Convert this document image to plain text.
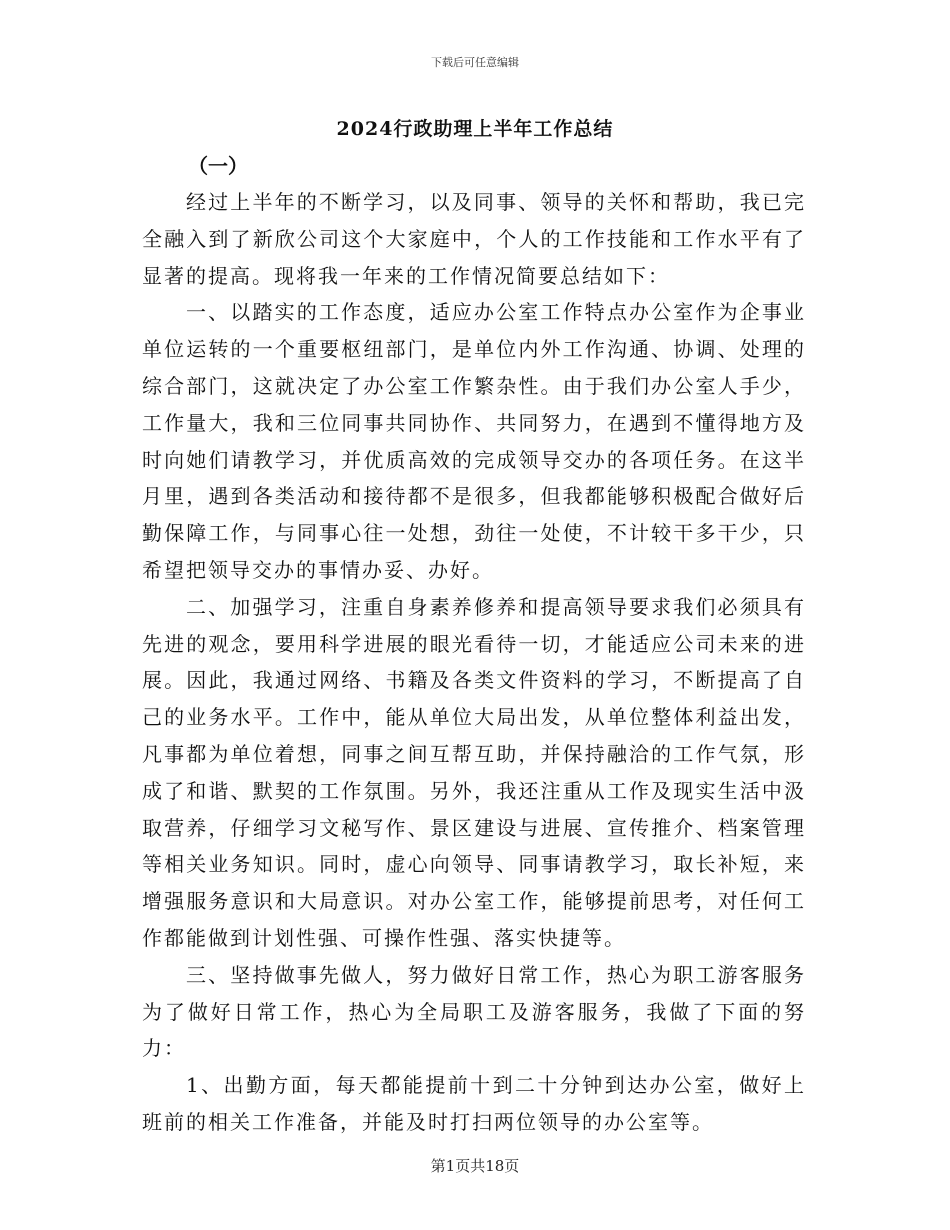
下载后可任意编辑
2024行政助理上半年工作总结
（一）

经过上半年的不断学习，以及同事、领导的关怀和帮助，我已完全融入到了新欣公司这个大家庭中，个人的工作技能和工作水平有了显著的提高。现将我一年来的工作情况简要总结如下：

一、以踏实的工作态度，适应办公室工作特点办公室作为企事业单位运转的一个重要枢纽部门，是单位内外工作沟通、协调、处理的综合部门，这就决定了办公室工作繁杂性。由于我们办公室人手少，工作量大，我和三位同事共同协作、共同努力，在遇到不懂得地方及时向她们请教学习，并优质高效的完成领导交办的各项任务。在这半月里，遇到各类活动和接待都不是很多，但我都能够积极配合做好后勤保障工作，与同事心往一处想，劲往一处使，不计较干多干少，只希望把领导交办的事情办妥、办好。

二、加强学习，注重自身素养修养和提高领导要求我们必须具有先进的观念，要用科学进展的眼光看待一切，才能适应公司未来的进展。因此，我通过网络、书籍及各类文件资料的学习，不断提高了自己的业务水平。工作中，能从单位大局出发，从单位整体利益出发，凡事都为单位着想，同事之间互帮互助，并保持融洽的工作气氛，形成了和谐、默契的工作氛围。另外，我还注重从工作及现实生活中汲取营养，仔细学习文秘写作、景区建设与进展、宣传推介、档案管理等相关业务知识。同时，虚心向领导、同事请教学习，取长补短，来增强服务意识和大局意识。对办公室工作，能够提前思考，对任何工作都能做到计划性强、可操作性强、落实快捷等。

三、坚持做事先做人，努力做好日常工作，热心为职工游客服务为了做好日常工作，热心为全局职工及游客服务，我做了下面的努力：

1、出勤方面，每天都能提前十到二十分钟到达办公室，做好上班前的相关工作准备，并能及时打扫两位领导的办公室等。

第1页共18页
